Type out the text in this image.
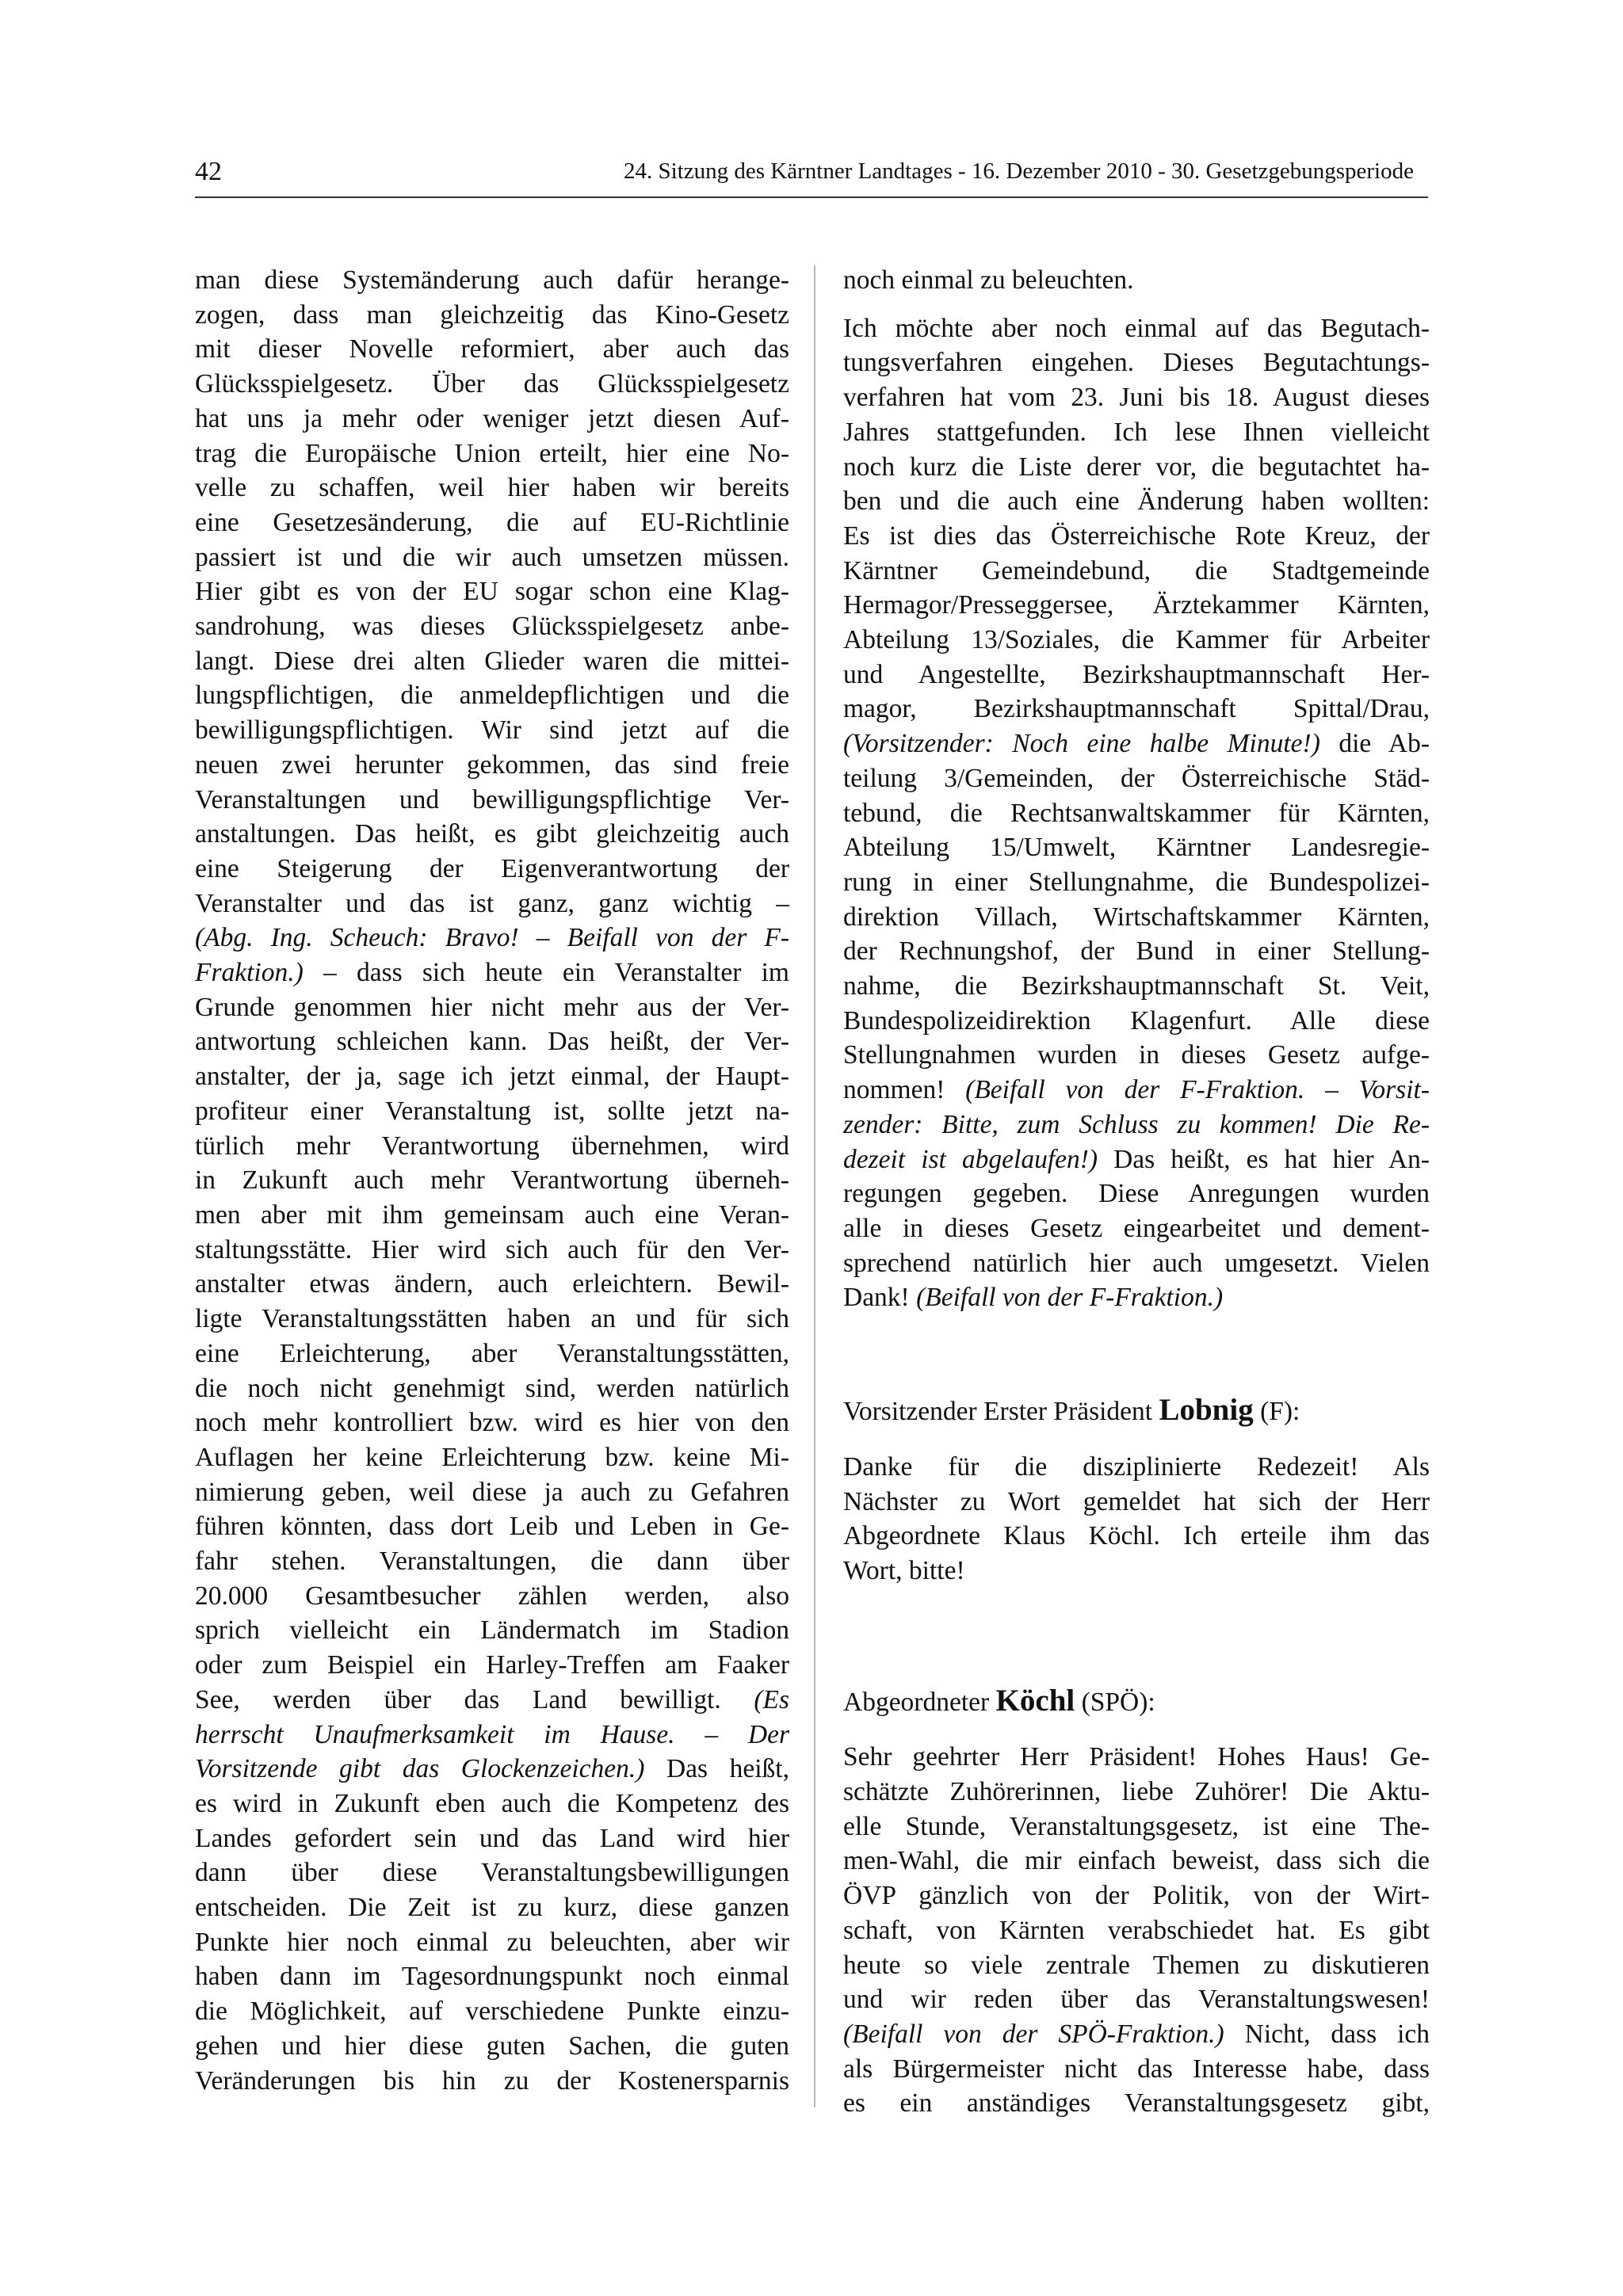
42	24. Sitzung des Kärntner Landtages - 16. Dezember 2010 - 30. Gesetzgebungsperiode

man diese Systemänderung auch dafür herange-
zogen, dass man gleichzeitig das Kino-Gesetz
mit dieser Novelle reformiert, aber auch das
Glücksspielgesetz. Über das Glücksspielgesetz
hat uns ja mehr oder weniger jetzt diesen Auf-
trag die Europäische Union erteilt, hier eine No-
velle zu schaffen, weil hier haben wir bereits
eine Gesetzesänderung, die auf EU-Richtlinie
passiert ist und die wir auch umsetzen müssen.
Hier gibt es von der EU sogar schon eine Klag-
sandrohung, was dieses Glücksspielgesetz anbe-
langt. Diese drei alten Glieder waren die mittei-
lungspflichtigen, die anmeldepflichtigen und die
bewilligungspflichtigen. Wir sind jetzt auf die
neuen zwei herunter gekommen, das sind freie
Veranstaltungen und bewilligungspflichtige Ver-
anstaltungen. Das heißt, es gibt gleichzeitig auch
eine Steigerung der Eigenverantwortung der
Veranstalter und das ist ganz, ganz wichtig –
(Abg. Ing. Scheuch: Bravo! – Beifall von der F-
Fraktion.) – dass sich heute ein Veranstalter im
Grunde genommen hier nicht mehr aus der Ver-
antwortung schleichen kann. Das heißt, der Ver-
anstalter, der ja, sage ich jetzt einmal, der Haupt-
profiteur einer Veranstaltung ist, sollte jetzt na-
türlich mehr Verantwortung übernehmen, wird
in Zukunft auch mehr Verantwortung überneh-
men aber mit ihm gemeinsam auch eine Veran-
staltungsstätte. Hier wird sich auch für den Ver-
anstalter etwas ändern, auch erleichtern. Bewil-
ligte Veranstaltungsstätten haben an und für sich
eine Erleichterung, aber Veranstaltungsstätten,
die noch nicht genehmigt sind, werden natürlich
noch mehr kontrolliert bzw. wird es hier von den
Auflagen her keine Erleichterung bzw. keine Mi-
nimierung geben, weil diese ja auch zu Gefahren
führen könnten, dass dort Leib und Leben in Ge-
fahr stehen. Veranstaltungen, die dann über
20.000 Gesamtbesucher zählen werden, also
sprich vielleicht ein Ländermatch im Stadion
oder zum Beispiel ein Harley-Treffen am Faaker
See, werden über das Land bewilligt. (Es
herrscht Unaufmerksamkeit im Hause. – Der
Vorsitzende gibt das Glockenzeichen.) Das heißt,
es wird in Zukunft eben auch die Kompetenz des
Landes gefordert sein und das Land wird hier
dann über diese Veranstaltungsbewilligungen
entscheiden. Die Zeit ist zu kurz, diese ganzen
Punkte hier noch einmal zu beleuchten, aber wir
haben dann im Tagesordnungspunkt noch einmal
die Möglichkeit, auf verschiedene Punkte einzu-
gehen und hier diese guten Sachen, die guten
Veränderungen bis hin zu der Kostenersparnis

noch einmal zu beleuchten.

Ich möchte aber noch einmal auf das Begutach-
tungsverfahren eingehen. Dieses Begutachtungs-
verfahren hat vom 23. Juni bis 18. August dieses
Jahres stattgefunden. Ich lese Ihnen vielleicht
noch kurz die Liste derer vor, die begutachtet ha-
ben und die auch eine Änderung haben wollten:
Es ist dies das Österreichische Rote Kreuz, der
Kärntner Gemeindebund, die Stadtgemeinde
Hermagor/Presseggersee, Ärztekammer Kärnten,
Abteilung 13/Soziales, die Kammer für Arbeiter
und Angestellte, Bezirkshauptmannschaft Her-
magor, Bezirkshauptmannschaft Spittal/Drau,
(Vorsitzender: Noch eine halbe Minute!) die Ab-
teilung 3/Gemeinden, der Österreichische Städ-
tebund, die Rechtsanwaltskammer für Kärnten,
Abteilung 15/Umwelt, Kärntner Landesregie-
rung in einer Stellungnahme, die Bundespolizei-
direktion Villach, Wirtschaftskammer Kärnten,
der Rechnungshof, der Bund in einer Stellung-
nahme, die Bezirkshauptmannschaft St. Veit,
Bundespolizeidirektion Klagenfurt. Alle diese
Stellungnahmen wurden in dieses Gesetz aufge-
nommen! (Beifall von der F-Fraktion. – Vorsit-
zender: Bitte, zum Schluss zu kommen! Die Re-
dezeit ist abgelaufen!) Das heißt, es hat hier An-
regungen gegeben. Diese Anregungen wurden
alle in dieses Gesetz eingearbeitet und dement-
sprechend natürlich hier auch umgesetzt. Vielen
Dank! (Beifall von der F-Fraktion.)

Vorsitzender Erster Präsident Lobnig (F):

Danke für die disziplinierte Redezeit! Als
Nächster zu Wort gemeldet hat sich der Herr
Abgeordnete Klaus Köchl. Ich erteile ihm das
Wort, bitte!

Abgeordneter Köchl (SPÖ):

Sehr geehrter Herr Präsident! Hohes Haus! Ge-
schätzte Zuhörerinnen, liebe Zuhörer! Die Aktu-
elle Stunde, Veranstaltungsgesetz, ist eine The-
men-Wahl, die mir einfach beweist, dass sich die
ÖVP gänzlich von der Politik, von der Wirt-
schaft, von Kärnten verabschiedet hat. Es gibt
heute so viele zentrale Themen zu diskutieren
und wir reden über das Veranstaltungswesen!
(Beifall von der SPÖ-Fraktion.) Nicht, dass ich
als Bürgermeister nicht das Interesse habe, dass
es ein anständiges Veranstaltungsgesetz gibt,
